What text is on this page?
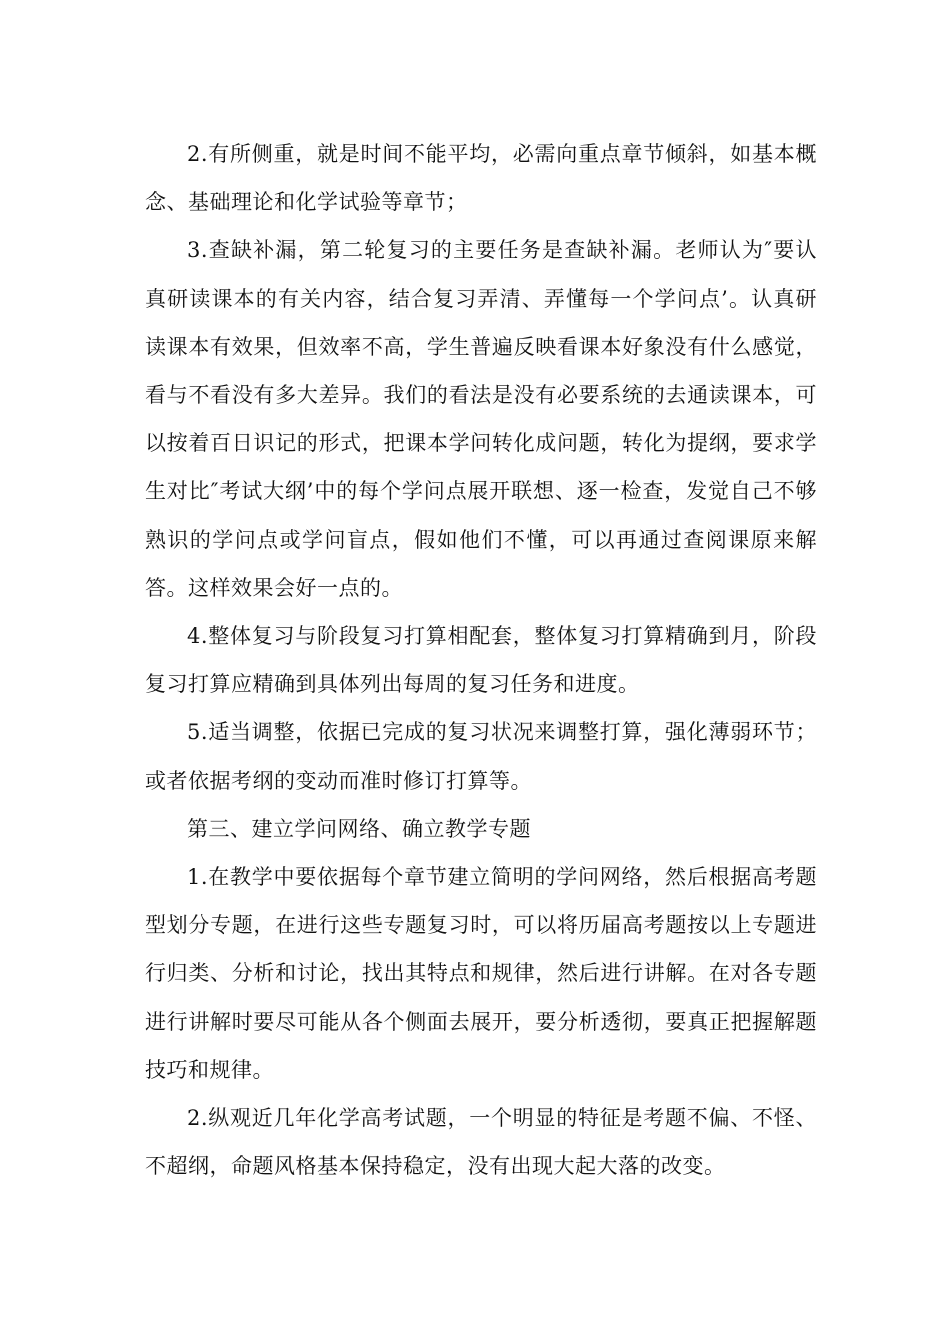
2.有所侧重，就是时间不能平均，必需向重点章节倾斜，如基本概念、基础理论和化学试验等章节；

3.查缺补漏，第二轮复习的主要任务是查缺补漏。老师认为″要认真研读课本的有关内容，结合复习弄清、弄懂每一个学问点’。认真研读课本有效果，但效率不高，学生普遍反映看课本好象没有什么感觉，看与不看没有多大差异。我们的看法是没有必要系统的去通读课本，可以按着百日识记的形式，把课本学问转化成问题，转化为提纲，要求学生对比″考试大纲’中的每个学问点展开联想、逐一检查，发觉自己不够熟识的学问点或学问盲点，假如他们不懂，可以再通过查阅课原来解答。这样效果会好一点的。

4.整体复习与阶段复习打算相配套，整体复习打算精确到月，阶段复习打算应精确到具体列出每周的复习任务和进度。

5.适当调整，依据已完成的复习状况来调整打算，强化薄弱环节；或者依据考纲的变动而准时修订打算等。

第三、建立学问网络、确立教学专题

1.在教学中要依据每个章节建立简明的学问网络，然后根据高考题型划分专题，在进行这些专题复习时，可以将历届高考题按以上专题进行归类、分析和讨论，找出其特点和规律，然后进行讲解。在对各专题进行讲解时要尽可能从各个侧面去展开，要分析透彻，要真正把握解题技巧和规律。

2.纵观近几年化学高考试题，一个明显的特征是考题不偏、不怪、不超纲，命题风格基本保持稳定，没有出现大起大落的改变。
